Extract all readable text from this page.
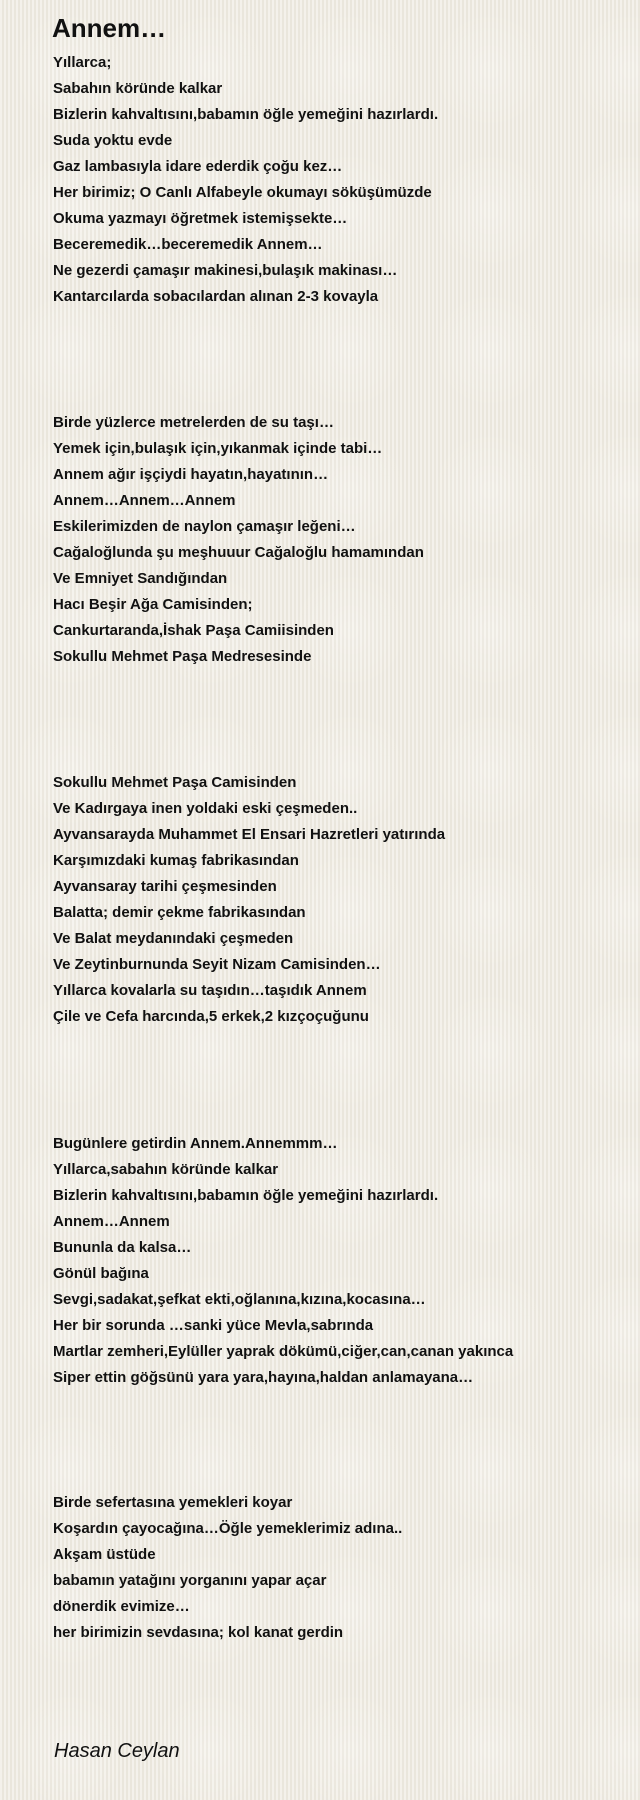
Annem…
Yıllarca;
Sabahın köründe kalkar
Bizlerin kahvaltısını,babamın öğle yemeğini hazırlardı.
Suda yoktu evde
Gaz lambasıyla idare ederdik çoğu kez…
Her birimiz; O Canlı Alfabeyle okumayı söküşümüzde
Okuma yazmayı öğretmek istemişsekte…
Beceremedik…beceremedik Annem…
Ne gezerdi çamaşır makinesi,bulaşık makinası…
Kantarcılarda sobacılardan alınan 2-3 kovayla
Birde yüzlerce metrelerden de su taşı…
Yemek için,bulaşık için,yıkanmak içinde tabi…
Annem ağır işçiydi hayatın,hayatının…
Annem…Annem…Annem
Eskilerimizden de naylon çamaşır leğeni…
Cağaloğlunda şu meşhuuur Cağaloğlu hamamından
Ve Emniyet Sandığından
Hacı Beşir Ağa Camisinden;
Cankurtaranda,İshak Paşa Camiisinden
Sokullu Mehmet Paşa Medresesinde
Sokullu Mehmet Paşa Camisinden
Ve Kadırgaya inen yoldaki eski çeşmeden..
Ayvansarayda Muhammet El Ensari Hazretleri yatırında
Karşımızdaki kumaş fabrikasından
Ayvansaray tarihi çeşmesinden
Balatta; demir çekme fabrikasından
Ve Balat meydanındaki çeşmeden
Ve Zeytinburnunda Seyit Nizam Camisinden…
Yıllarca kovalarla su taşıdın…taşıdık Annem
Çile ve Cefa harcında,5 erkek,2 kızçoçuğunu
Bugünlere getirdin Annem.Annemmm…
Yıllarca,sabahın köründe kalkar
Bizlerin kahvaltısını,babamın öğle yemeğini hazırlardı.
Annem…Annem
Bununla da kalsa…
Gönül bağına
Sevgi,sadakat,şefkat ekti,oğlanına,kızına,kocasına…
Her bir sorunda …sanki yüce Mevla,sabrında
Martlar zemheri,Eylüller yaprak dökümü,ciğer,can,canan yakınca
Siper ettin göğsünü yara yara,hayına,haldan anlamayana…
Birde sefertasına yemekleri koyar
Koşardın çayocağına…Öğle yemeklerimiz adına..
Akşam üstüde
babamın yatağını yorganını yapar açar
dönerdik evimize…
her birimizin sevdasına; kol kanat gerdin

Hasan Ceylan
